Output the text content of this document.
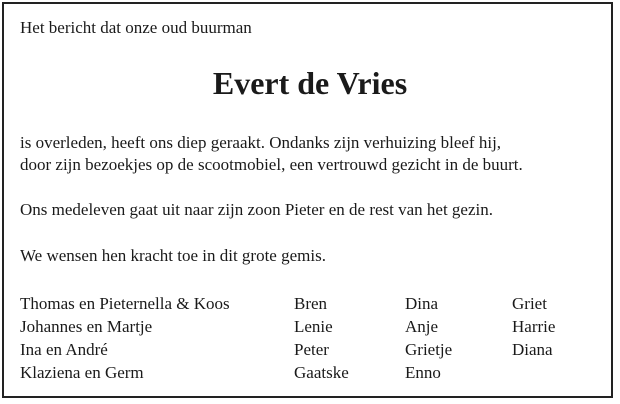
Het bericht dat onze oud buurman
Evert de Vries
is overleden, heeft ons diep geraakt. Ondanks zijn verhuizing bleef hij,
door zijn bezoekjes op de scootmobiel, een vertrouwd gezicht in de buurt.
Ons medeleven gaat uit naar zijn zoon Pieter en de rest van het gezin.
We wensen hen kracht toe in dit grote gemis.
Thomas en Pieternella & Koos	Bren	Dina	Griet
Johannes en Martje	Lenie	Anje	Harrie
Ina en André	Peter	Grietje	Diana
Klaziena en Germ	Gaatske	Enno
